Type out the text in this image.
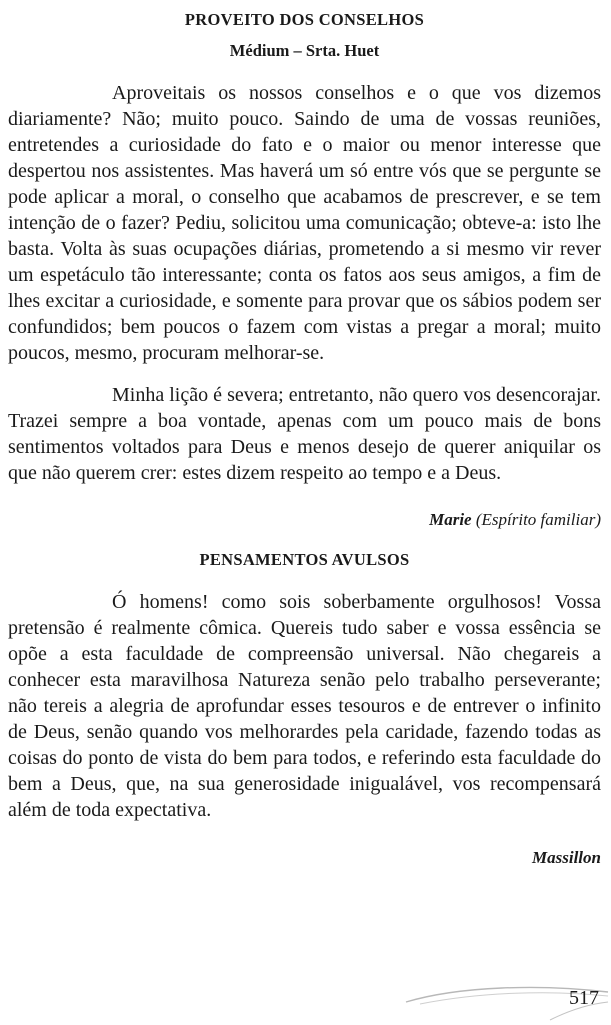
PROVEITO DOS CONSELHOS

Médium – Srta. Huet

Aproveitais os nossos conselhos e o que vos dizemos diariamente? Não; muito pouco. Saindo de uma de vossas reuniões, entretendes a curiosidade do fato e o maior ou menor interesse que despertou nos assistentes. Mas haverá um só entre vós que se pergunte se pode aplicar a moral, o conselho que acabamos de prescrever, e se tem intenção de o fazer? Pediu, solicitou uma comunicação; obteve-a: isto lhe basta. Volta às suas ocupações diárias, prometendo a si mesmo vir rever um espetáculo tão interessante; conta os fatos aos seus amigos, a fim de lhes excitar a curiosidade, e somente para provar que os sábios podem ser confundidos; bem poucos o fazem com vistas a pregar a moral; muito poucos, mesmo, procuram melhorar-se.

Minha lição é severa; entretanto, não quero vos desencorajar. Trazei sempre a boa vontade, apenas com um pouco mais de bons sentimentos voltados para Deus e menos desejo de querer aniquilar os que não querem crer: estes dizem respeito ao tempo e a Deus.

Marie (Espírito familiar)

PENSAMENTOS AVULSOS

Ó homens! como sois soberbamente orgulhosos! Vossa pretensão é realmente cômica. Quereis tudo saber e vossa essência se opõe a esta faculdade de compreensão universal. Não chegareis a conhecer esta maravilhosa Natureza senão pelo trabalho perseverante; não tereis a alegria de aprofundar esses tesouros e de entrever o infinito de Deus, senão quando vos melhorardes pela caridade, fazendo todas as coisas do ponto de vista do bem para todos, e referindo esta faculdade do bem a Deus, que, na sua generosidade inigualável, vos recompensará além de toda expectativa.

Massillon

517
